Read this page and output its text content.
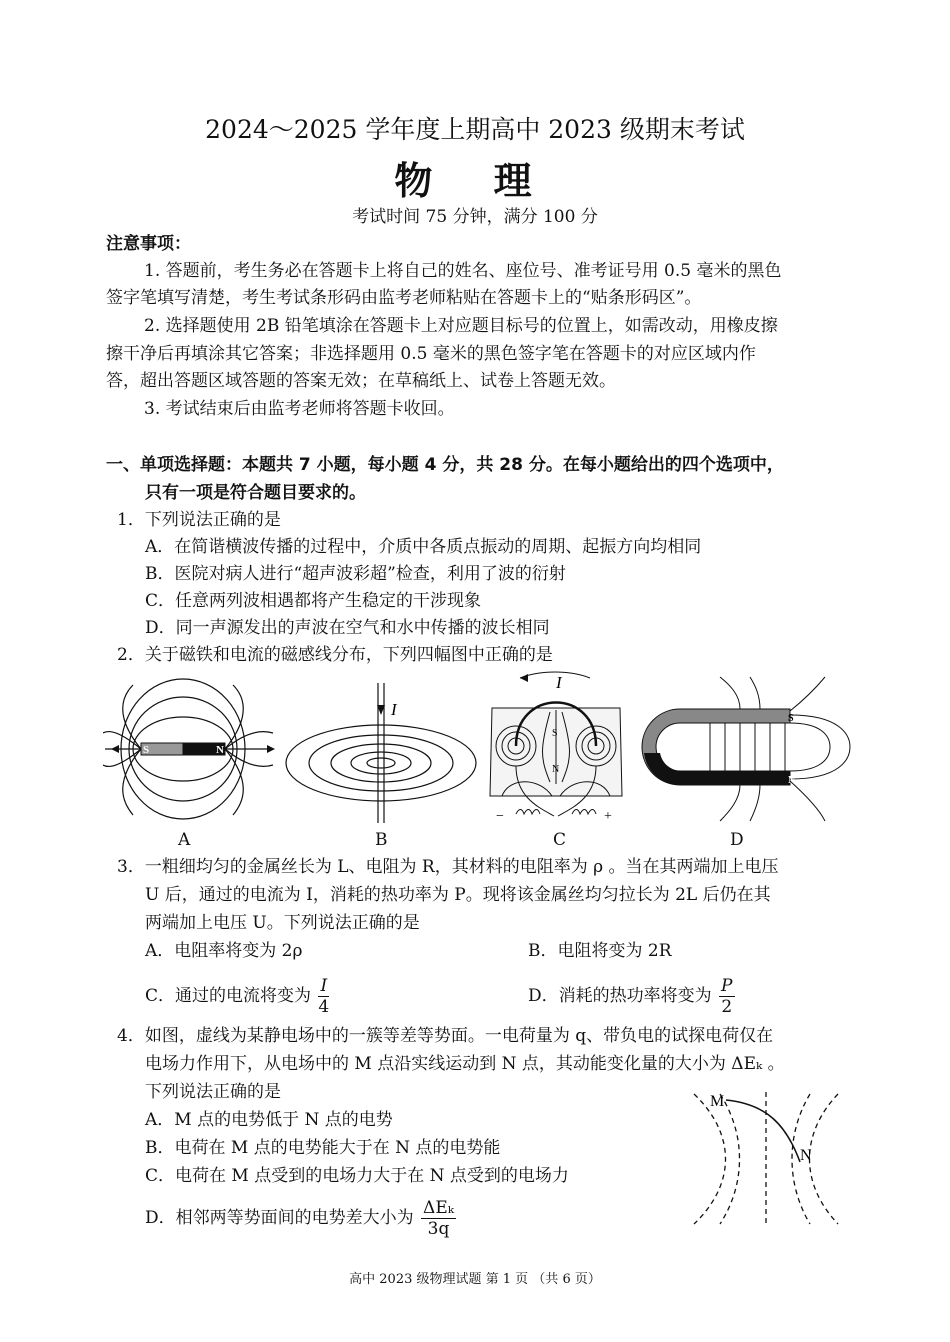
2024～2025 学年度上期高中 2023 级期末考试
物 理
考试时间 75 分钟，满分 100 分
注意事项：
1. 答题前，考生务必在答题卡上将自己的姓名、座位号、准考证号用 0.5 毫米的黑色
签字笔填写清楚，考生考试条形码由监考老师粘贴在答题卡上的“贴条形码区”。
2. 选择题使用 2B 铅笔填涂在答题卡上对应题目标号的位置上，如需改动，用橡皮擦
擦干净后再填涂其它答案；非选择题用 0.5 毫米的黑色签字笔在答题卡的对应区域内作
答，超出答题区域答题的答案无效；在草稿纸上、试卷上答题无效。
3. 考试结束后由监考老师将答题卡收回。
一、单项选择题：本题共 7 小题，每小题 4 分，共 28 分。在每小题给出的四个选项中，
只有一项是符合题目要求的。
1．下列说法正确的是
A．在简谐横波传播的过程中，介质中各质点振动的周期、起振方向均相同
B．医院对病人进行“超声波彩超”检查，利用了波的衍射
C．任意两列波相遇都将产生稳定的干涉现象
D．同一声源发出的声波在空气和水中传播的波长相同
2．关于磁铁和电流的磁感线分布，下列四幅图中正确的是
S	N
I
I
S
N
−	+
S
N
A	B	C	D
3．一粗细均匀的金属丝长为 L、电阻为 R，其材料的电阻率为 ρ 。当在其两端加上电压
U 后，通过的电流为 I，消耗的热功率为 P。现将该金属丝均匀拉长为 2L 后仍在其
两端加上电压 U。下列说法正确的是
A．电阻率将变为 2ρ	B．电阻将变为 2R
C．通过的电流将变为 $\frac{I}{4}$	D．消耗的热功率将变为 $\frac{P}{2}$
4．如图，虚线为某静电场中的一簇等差等势面。一电荷量为 q、带负电的试探电荷仅在
电场力作用下，从电场中的 M 点沿实线运动到 N 点，其动能变化量的大小为 ΔEₖ 。
下列说法正确的是
A．M 点的电势低于 N 点的电势
B．电荷在 M 点的电势能大于在 N 点的电势能
C．电荷在 M 点受到的电场力大于在 N 点受到的电场力
D．相邻两等势面间的电势差大小为 $\frac{\text{ΔEₖ}}{3q}$
M
N
高中 2023 级物理试题 第 1 页 （共 6 页）
